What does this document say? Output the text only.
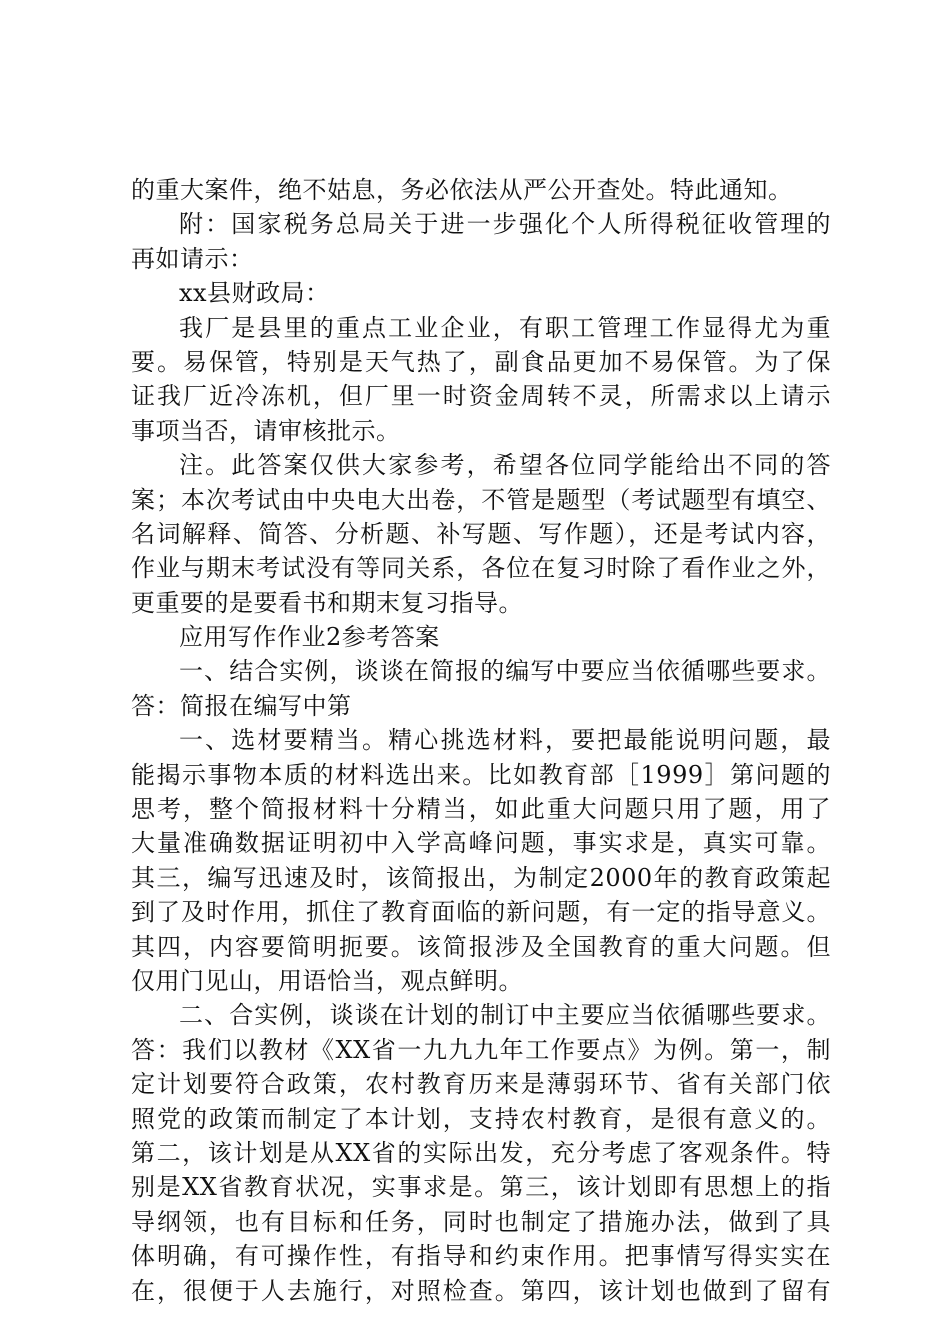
的重大案件，绝不姑息，务必依法从严公开查处。特此通知。
附：国家税务总局关于进一步强化个人所得税征收管理的
再如请示：
xx县财政局：
我厂是县里的重点工业企业，有职工管理工作显得尤为重
要。易保管，特别是天气热了，副食品更加不易保管。为了保
证我厂近冷冻机，但厂里一时资金周转不灵，所需求以上请示
事项当否，请审核批示。
注。此答案仅供大家参考，希望各位同学能给出不同的答
案；本次考试由中央电大出卷，不管是题型（考试题型有填空、
名词解释、简答、分析题、补写题、写作题），还是考试内容，
作业与期末考试没有等同关系，各位在复习时除了看作业之外，
更重要的是要看书和期末复习指导。
应用写作作业2参考答案
一、结合实例，谈谈在简报的编写中要应当依循哪些要求。
答：简报在编写中第
一、选材要精当。精心挑选材料，要把最能说明问题，最
能揭示事物本质的材料选出来。比如教育部［1999］第问题的
思考，整个简报材料十分精当，如此重大问题只用了题，用了
大量准确数据证明初中入学高峰问题，事实求是，真实可靠。
其三，编写迅速及时，该简报出，为制定2000年的教育政策起
到了及时作用，抓住了教育面临的新问题，有一定的指导意义。
其四，内容要简明扼要。该简报涉及全国教育的重大问题。但
仅用门见山，用语恰当，观点鲜明。
二、合实例，谈谈在计划的制订中主要应当依循哪些要求。
答：我们以教材《XX省一九九九年工作要点》为例。第一，制
定计划要符合政策，农村教育历来是薄弱环节、省有关部门依
照党的政策而制定了本计划，支持农村教育，是很有意义的。
第二，该计划是从XX省的实际出发，充分考虑了客观条件。特
别是XX省教育状况，实事求是。第三，该计划即有思想上的指
导纲领，也有目标和任务，同时也制定了措施办法，做到了具
体明确，有可操作性，有指导和约束作用。把事情写得实实在
在，很便于人去施行，对照检查。第四，该计划也做到了留有
